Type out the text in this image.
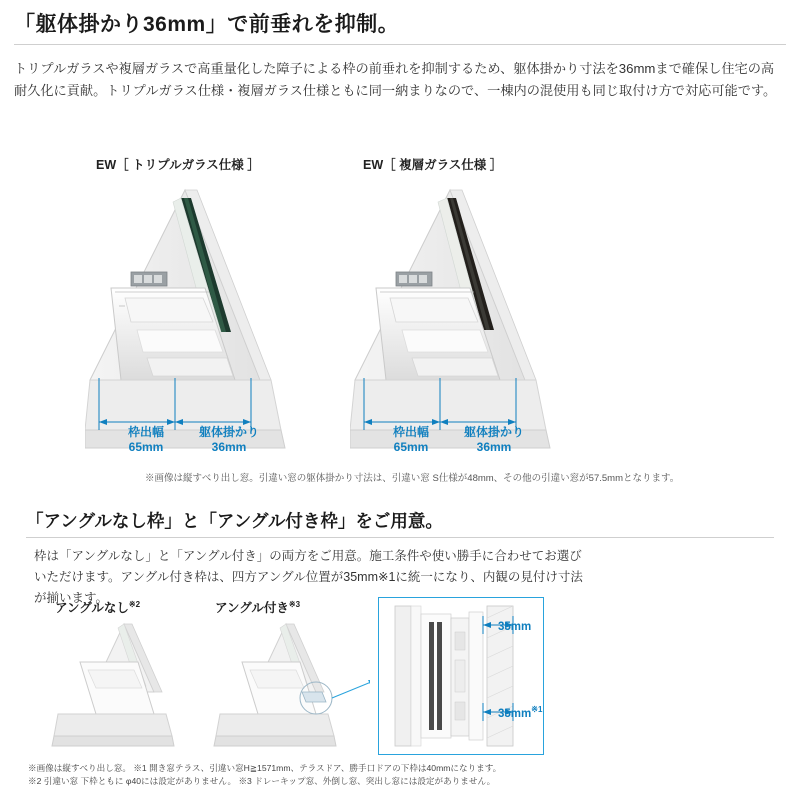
「躯体掛かり36mm」で前垂れを抑制。
トリプルガラスや複層ガラスで高重量化した障子による枠の前垂れを抑制するため、躯体掛かり寸法を36mmまで確保し住宅の高耐久化に貢献。トリプルガラス仕様・複層ガラス仕様ともに同一納まりなので、一棟内の混使用も同じ取付け方で対応可能です。
EW［ トリプルガラス仕様 ］	EW［ 複層ガラス仕様 ］
枠出幅
65mm
躯体掛かり
36mm
枠出幅
65mm
躯体掛かり
36mm
※画像は縦すべり出し窓。引違い窓の躯体掛かり寸法は、引違い窓 S仕様が48mm、その他の引違い窓が57.5mmとなります。
「アングルなし枠」と「アングル付き枠」をご用意。
枠は「アングルなし」と「アングル付き」の両方をご用意。施工条件や使い勝手に合わせてお選びいただけます。アングル付き枠は、四方アングル位置が35mm※1に統一になり、内観の見付け寸法が揃います。
アングルなし$^{※2}$	アングル付き$^{※3}$
35mm
$35mm^{※1}$
※画像は縦すべり出し窓。 ※1 開き窓テラス、引違い窓H≧1571mm、テラスドア、勝手口ドアの下枠は40mmになります。
※2 引違い窓 下枠ともに φ40には設定がありません。 ※3 ドレーキップ窓、外倒し窓、突出し窓には設定がありません。
